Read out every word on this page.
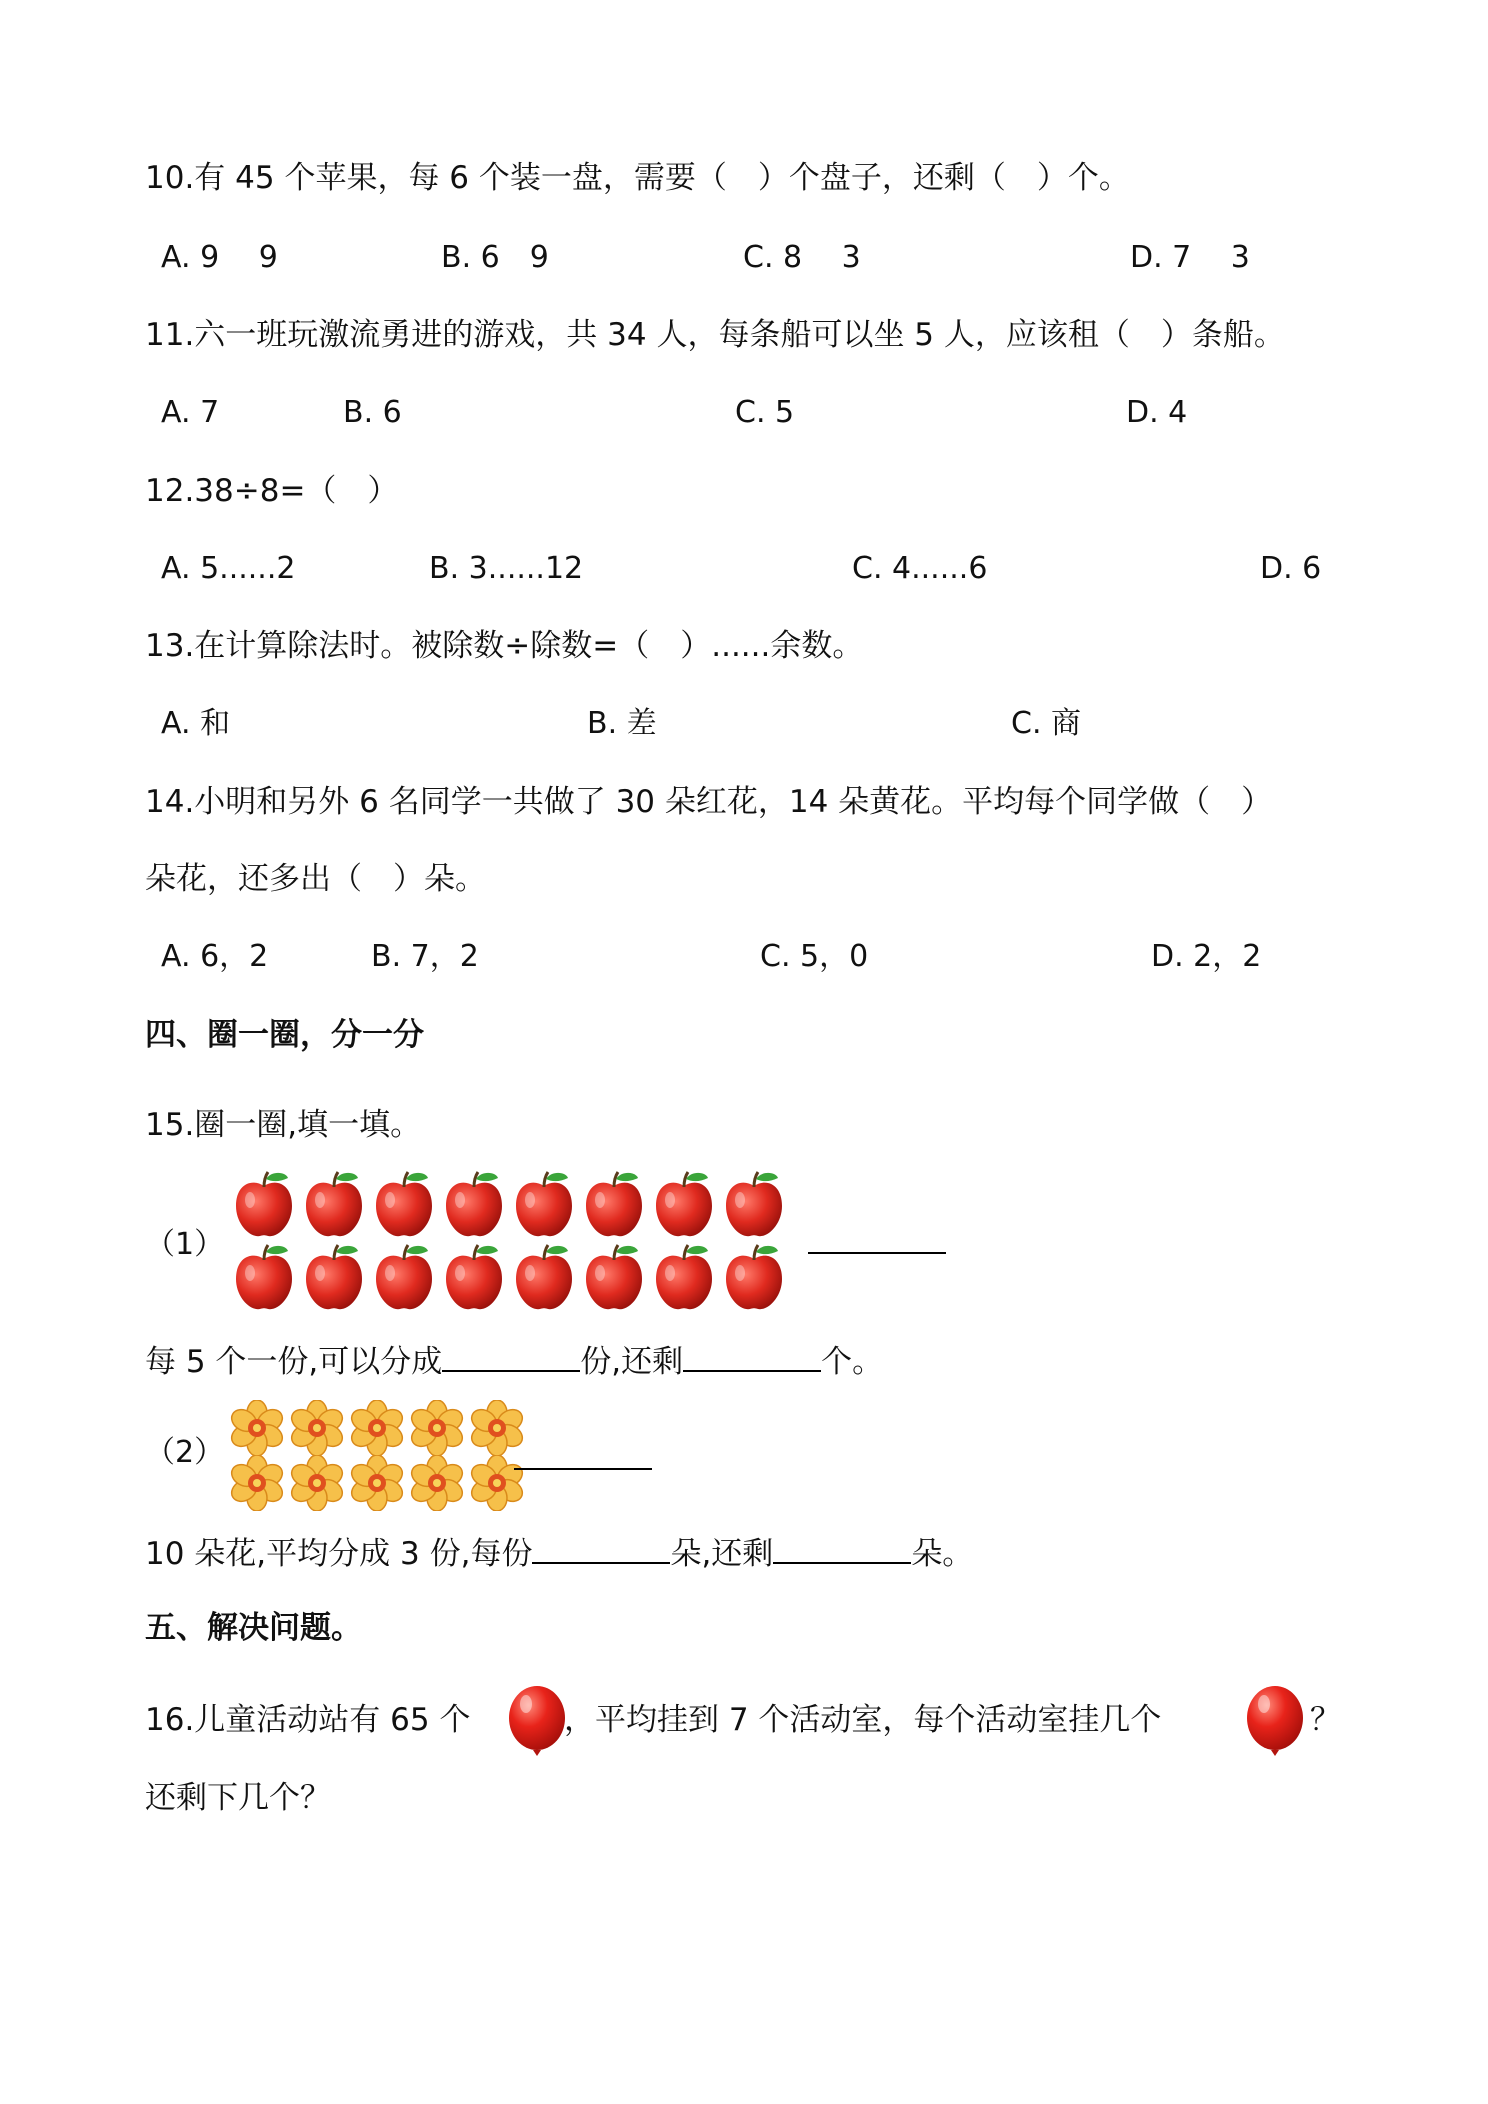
10.有 45 个苹果，每 6 个装一盘，需要（　）个盘子，还剩（　）个。
A. 9　 9	B. 6　9	C. 8　 3	D. 7　 3
11.六一班玩激流勇进的游戏，共 34 人，每条船可以坐 5 人，应该租（　）条船。
A. 7	B. 6	C. 5	D. 4
12.38÷8=（　）
A. 5......2	B. 3......12	C. 4......6	D. 6
13.在计算除法时。被除数÷除数=（　）......余数。
A. 和	B. 差	C. 商
14.小明和另外 6 名同学一共做了 30 朵红花，14 朵黄花。平均每个同学做（　）
朵花，还多出（　）朵。
A. 6，2	B. 7，2	C. 5，0	D. 2，2
四、圈一圈，分一分
15.圈一圈,填一填。
（1）
每 5 个一份,可以分成	份,还剩	个。
（2）
10 朵花,平均分成 3 份,每份	朵,还剩	朵。
五、解决问题。
16.儿童活动站有 65 个	，平均挂到 7 个活动室，每个活动室挂几个	？
还剩下几个？
